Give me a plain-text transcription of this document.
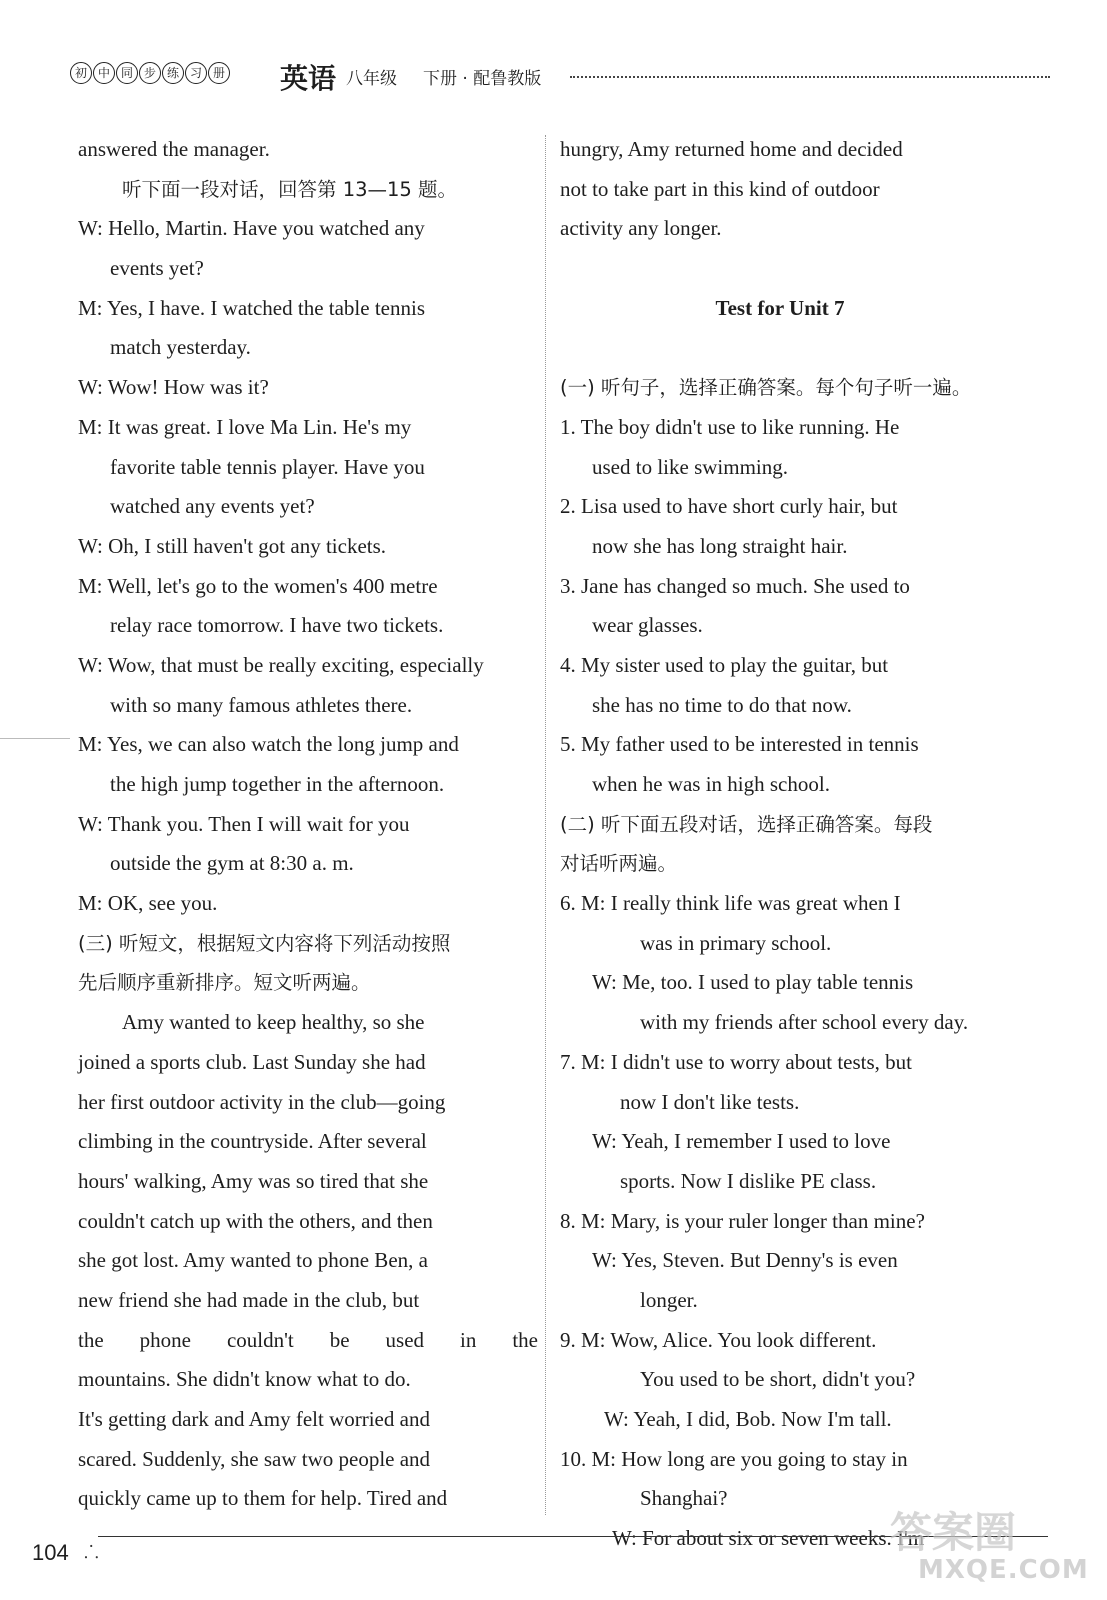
初 中 同 步 练 习 册 英语 八年级 下册 · 配鲁教版
answered the manager.
听下面一段对话，回答第 13—15 题。
W: Hello, Martin. Have you watched any
events yet?
M: Yes, I have. I watched the table tennis
match yesterday.
W: Wow! How was it?
M: It was great. I love Ma Lin. He's my
favorite table tennis player. Have you
watched any events yet?
W: Oh, I still haven't got any tickets.
M: Well, let's go to the women's 400 metre
relay race tomorrow. I have two tickets.
W: Wow, that must be really exciting, especially
with so many famous athletes there.
M: Yes, we can also watch the long jump and
the high jump together in the afternoon.
W: Thank you. Then I will wait for you
outside the gym at 8:30 a. m.
M: OK, see you.
(三) 听短文，根据短文内容将下列活动按照
先后顺序重新排序。短文听两遍。
Amy wanted to keep healthy, so she
joined a sports club. Last Sunday she had
her first outdoor activity in the club—going
climbing in the countryside. After several
hours' walking, Amy was so tired that she
couldn't catch up with the others, and then
she got lost. Amy wanted to phone Ben, a
new friend she had made in the club, but
the phone couldn't be used in the
mountains. She didn't know what to do.
It's getting dark and Amy felt worried and
scared. Suddenly, she saw two people and
quickly came up to them for help. Tired and
hungry, Amy returned home and decided
not to take part in this kind of outdoor
activity any longer.
Test for Unit 7
(一) 听句子，选择正确答案。每个句子听一遍。
1. The boy didn't use to like running. He
used to like swimming.
2. Lisa used to have short curly hair, but
now she has long straight hair.
3. Jane has changed so much. She used to
wear glasses.
4. My sister used to play the guitar, but
she has no time to do that now.
5. My father used to be interested in tennis
when he was in high school.
(二) 听下面五段对话，选择正确答案。每段
对话听两遍。
6. M: I really think life was great when I
was in primary school.
W: Me, too. I used to play table tennis
with my friends after school every day.
7. M: I didn't use to worry about tests, but
now I don't like tests.
W: Yeah, I remember I used to love
sports. Now I dislike PE class.
8. M: Mary, is your ruler longer than mine?
W: Yes, Steven. But Denny's is even
longer.
9. M: Wow, Alice. You look different.
You used to be short, didn't you?
W: Yeah, I did, Bob. Now I'm tall.
10. M: How long are you going to stay in
Shanghai?
W: For about six or seven weeks. I'm
104 ⸫	答案圈
MXQE.COM
